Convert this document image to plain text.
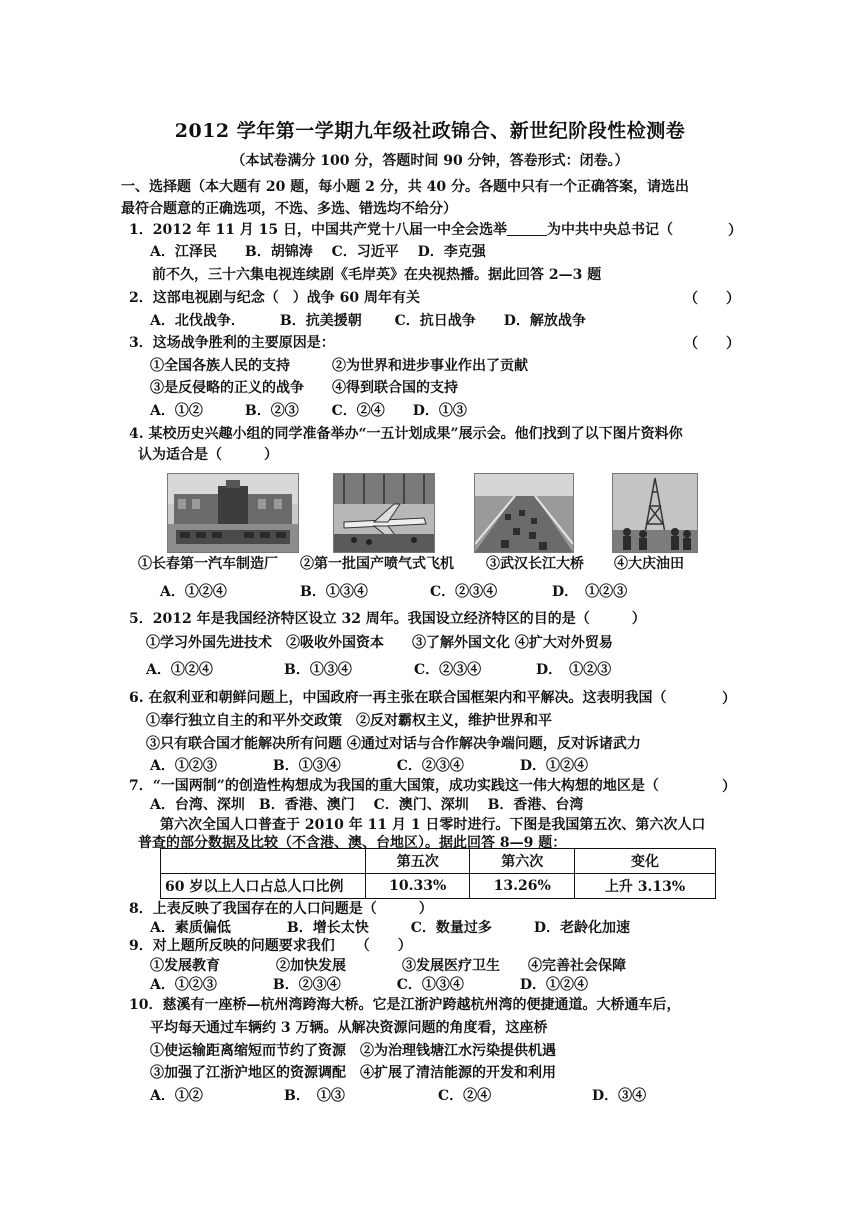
2012 学年第一学期九年级社政锦合、新世纪阶段性检测卷
（本试卷满分 100 分，答题时间 90 分钟，答卷形式：闭卷。）
一、选择题（本大题有 20 题，每小题 2 分，共 40 分。各题中只有一个正确答案，请选出
最符合题意的正确选项，不选、多选、错选均不给分）
1．2012 年 11 月 15 日，中国共产党十八届一中全会选举	为中共中央总书记（	）
A．江泽民　　B．胡锦涛　 C．习近平　 D．李克强
前不久，三十六集电视连续剧《毛岸英》在央视热播。据此回答 2—3 题
2．这部电视剧与纪念（　）战争 60 周年有关	（　　）
A．北伐战争．　　　B．抗美援朝　　 C．抗日战争　　D．解放战争
3．这场战争胜利的主要原因是：	（　　）
①全国各族人民的支持　　　②为世界和进步事业作出了贡献
③是反侵略的正义的战争　　④得到联合国的支持
A．①②　　　B．②③　　 C．②④　　D．①③
4. 某校历史兴趣小组的同学准备举办“一五计划成果”展示会。他们找到了以下图片资料你
认为适合是（　　　）
①长春第一汽车制造厂 ②第一批国产喷气式飞机 ③武汉长江大桥 ④大庆油田
A．①②④	B．①③④	C．②③④	D．　①②③
5．2012 年是我国经济特区设立 32 周年。我国设立经济特区的目的是（　　　）
①学习外国先进技术　②吸收外国资本　　③了解外国文化 ④扩大对外贸易
A．①②④	B．①③④	C．②③④	D．　①②③
6. 在叙利亚和朝鲜问题上，中国政府一再主张在联合国框架内和平解决。这表明我国（	）
①奉行独立自主的和平外交政策　②反对霸权主义，维护世界和平
③只有联合国才能解决所有问题 ④通过对话与合作解决争端问题，反对诉诸武力
A．①②③　　　　B．①③④　　　　C．②③④　　　　D．①②④
7．“一国两制”的创造性构想成为我国的重大国策，成功实践这一伟大构想的地区是（	）
A．台湾、深圳　B．香港、澳门　 C．澳门、深圳　 B．香港、台湾
第六次全国人口普查于 2010 年 11 月 1 日零时进行。下图是我国第五次、第六次人口
普查的部分数据及比较（不含港、澳、台地区）。据此回答 8—9 题：
	第五次	第六次	变化
60 岁以上人口占总人口比例	10.33%	13.26%	上升 3.13%
8．上表反映了我国存在的人口问题是（　　　）
A．素质偏低　　　　B．增长太快　　　C．数量过多　　　D．老龄化加速
9．对上题所反映的问题要求我们　　（　　）
①发展教育　　　　②加快发展　　　　③发展医疗卫生　　④完善社会保障
A．①②③　　　　B．②③④　　　　C．①③④　　　　D．①②④
10．慈溪有一座桥—杭州湾跨海大桥。它是江浙沪跨越杭州湾的便捷通道。大桥通车后，
平均每天通过车辆约 3 万辆。从解决资源问题的角度看，这座桥
①使运输距离缩短而节约了资源　②为治理钱塘江水污染提供机遇
③加强了江浙沪地区的资源调配　④扩展了清洁能源的开发和利用
A．①②	B．　①③	C．②④	D．③④
